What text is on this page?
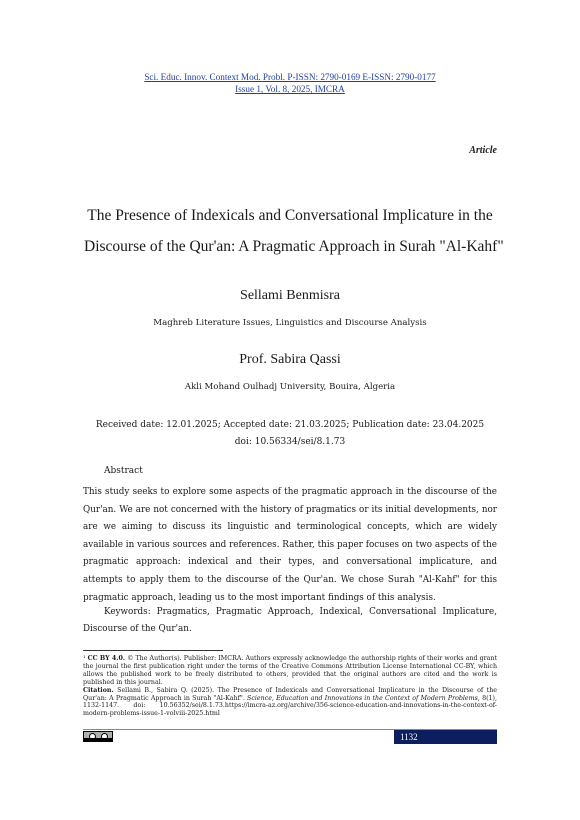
Sci. Educ. Innov. Context Mod. Probl. P-ISSN: 2790-0169 E-ISSN: 2790-0177
Issue 1, Vol. 8, 2025, IMCRA
Article
The Presence of Indexicals and Conversational Implicature in the
Discourse of the Qur'an: A Pragmatic Approach in Surah "Al-Kahf"
Sellami Benmisra
Maghreb Literature Issues, Linguistics and Discourse Analysis
Prof. Sabira Qassi
Akli Mohand Oulhadj University, Bouira, Algeria
Received date: 12.01.2025; Accepted date: 21.03.2025; Publication date: 23.04.2025
doi: 10.56334/sei/8.1.73
Abstract
This study seeks to explore some aspects of the pragmatic approach in the discourse of the Qur'an. We are not concerned with the history of pragmatics or its initial developments, nor are we aiming to discuss its linguistic and terminological concepts, which are widely available in various sources and references. Rather, this paper focuses on two aspects of the pragmatic approach: indexical and their types, and conversational implicature, and attempts to apply them to the discourse of the Qur'an. We chose Surah "Al-Kahf" for this pragmatic approach, leading us to the most important findings of this analysis.
Keywords: Pragmatics, Pragmatic Approach, Indexical, Conversational Implicature, Discourse of the Qur'an.

¹ CC BY 4.0. © The Author(s). Publisher: IMCRA. Authors expressly acknowledge the authorship rights of their works and grant the journal the first publication right under the terms of the Creative Commons Attribution License International CC-BY, which allows the published work to be freely distributed to others, provided that the original authors are cited and the work is published in this journal.

Citation. Sellami B., Sabira Q. (2025). The Presence of Indexicals and Conversational Implicature in the Discourse of the Qur'an: A Pragmatic Approach in Surah "Al-Kahf". Science, Education and Innovations in the Context of Modern Problems, 8(1), 1132-1147. doi: 10.56352/sei/8.1.73.https://imcra-az.org/archive/356-science-education-and-innovations-in-the-context-of-modern-problems-issue-1-volviii-2025.html

1132
